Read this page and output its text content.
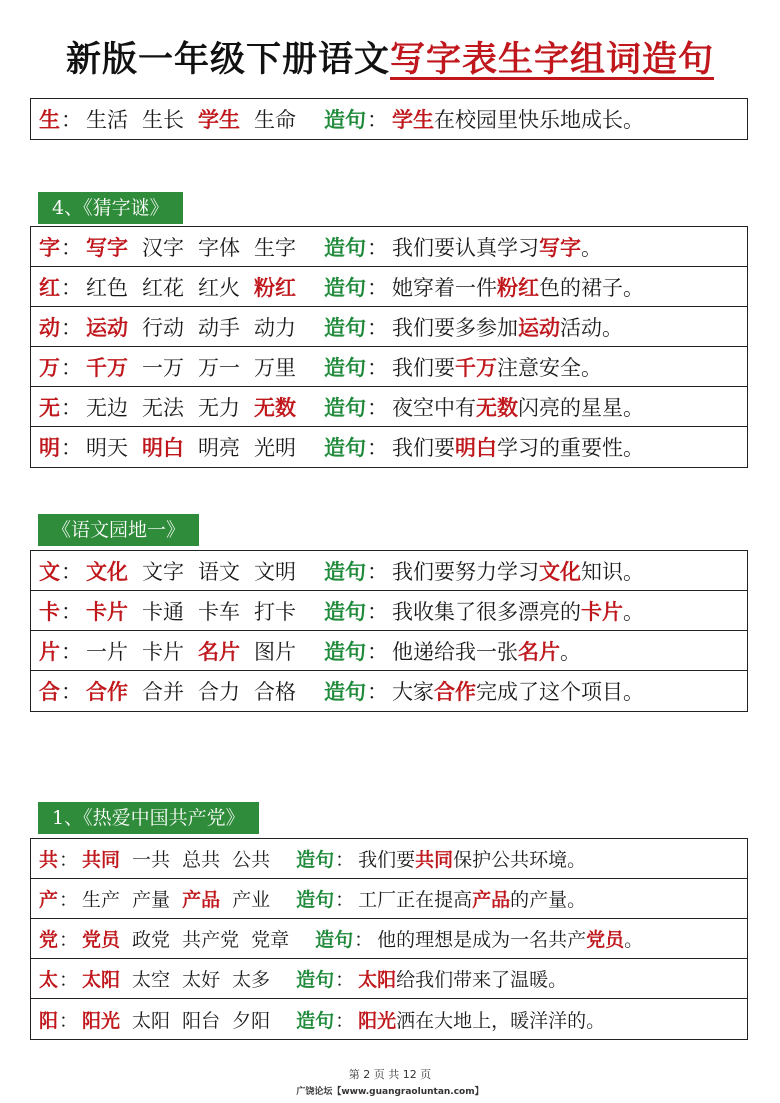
新版一年级下册语文写字表生字组词造句
生 ： 生活 生长 学生 生命 造句 ： 学生在校园里快乐地成长。
4、《猜字谜》
字 ： 写字 汉字 字体 生字 造句 ： 我们要认真学习写字。
红 ： 红色 红花 红火 粉红 造句 ： 她穿着一件粉红色的裙子。
动 ： 运动 行动 动手 动力 造句 ： 我们要多参加运动活动。
万 ： 千万 一万 万一 万里 造句 ： 我们要千万注意安全。
无 ： 无边 无法 无力 无数 造句 ： 夜空中有无数闪亮的星星。
明 ： 明天 明白 明亮 光明 造句 ： 我们要明白学习的重要性。
《语文园地一》
文 ： 文化 文字 语文 文明 造句 ： 我们要努力学习文化知识。
卡 ： 卡片 卡通 卡车 打卡 造句 ： 我收集了很多漂亮的卡片。
片 ： 一片 卡片 名片 图片 造句 ： 他递给我一张名片。
合 ： 合作 合并 合力 合格 造句 ： 大家合作完成了这个项目。
1、《热爱中国共产党》
共 ： 共同 一共 总共 公共 造句 ： 我们要共同保护公共环境。
产 ： 生产 产量 产品 产业 造句 ： 工厂正在提高产品的产量。
党 ： 党员 政党 共产党 党章 造句 ： 他的理想是成为一名共产党员。
太 ： 太阳 太空 太好 太多 造句 ： 太阳给我们带来了温暖。
阳 ： 阳光 太阳 阳台 夕阳 造句 ： 阳光洒在大地上，暖洋洋的。
第 2 页 共 12 页
广饶论坛【www.guangraoluntan.com】
